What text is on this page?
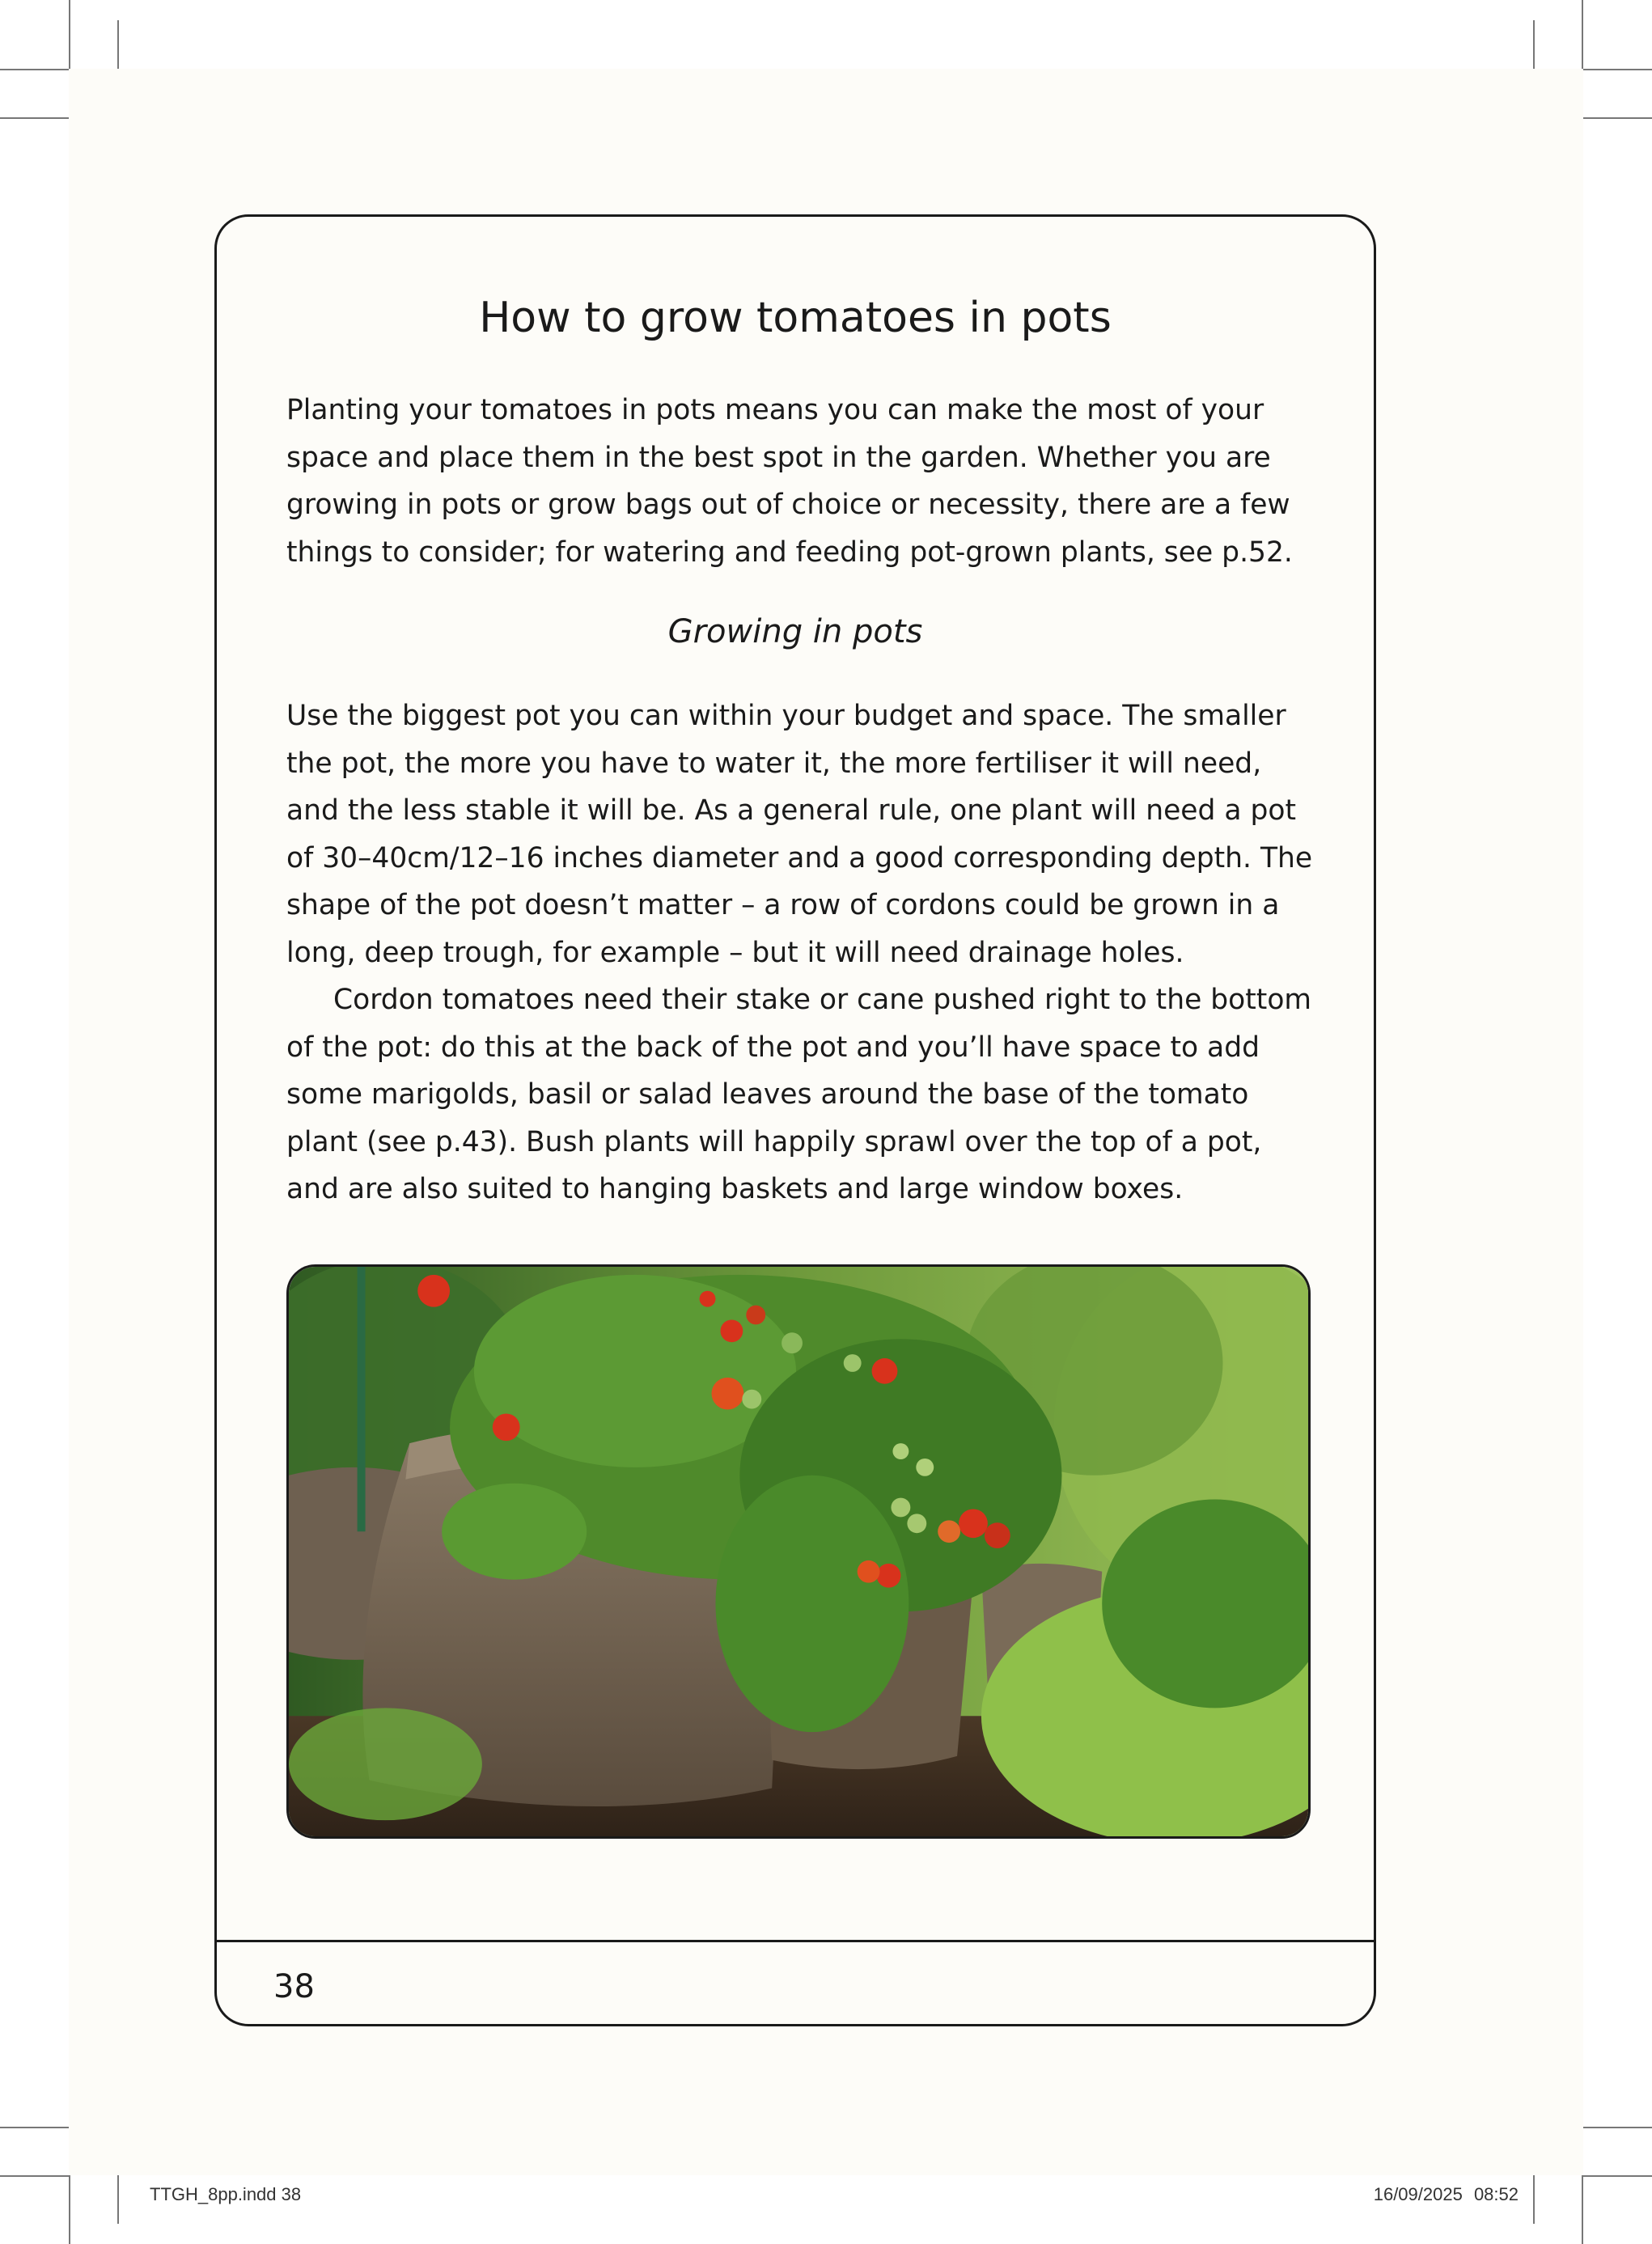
How to grow tomatoes in pots

Planting your tomatoes in pots means you can make the most of your space and place them in the best spot in the garden. Whether you are growing in pots or grow bags out of choice or necessity, there are a few things to consider; for watering and feeding pot-grown plants, see p.52.

Growing in pots

Use the biggest pot you can within your budget and space. The smaller the pot, the more you have to water it, the more fertiliser it will need, and the less stable it will be. As a general rule, one plant will need a pot of 30–40cm/12–16 inches diameter and a good corresponding depth. The shape of the pot doesn’t matter – a row of cordons could be grown in a long, deep trough, for example – but it will need drainage holes.

Cordon tomatoes need their stake or cane pushed right to the bottom of the pot: do this at the back of the pot and you’ll have space to add some marigolds, basil or salad leaves around the base of the tomato plant (see p.43). Bush plants will happily sprawl over the top of a pot, and are also suited to hanging baskets and large window boxes.

38
TTGH_8pp.indd 38	16/09/2025 08:52
